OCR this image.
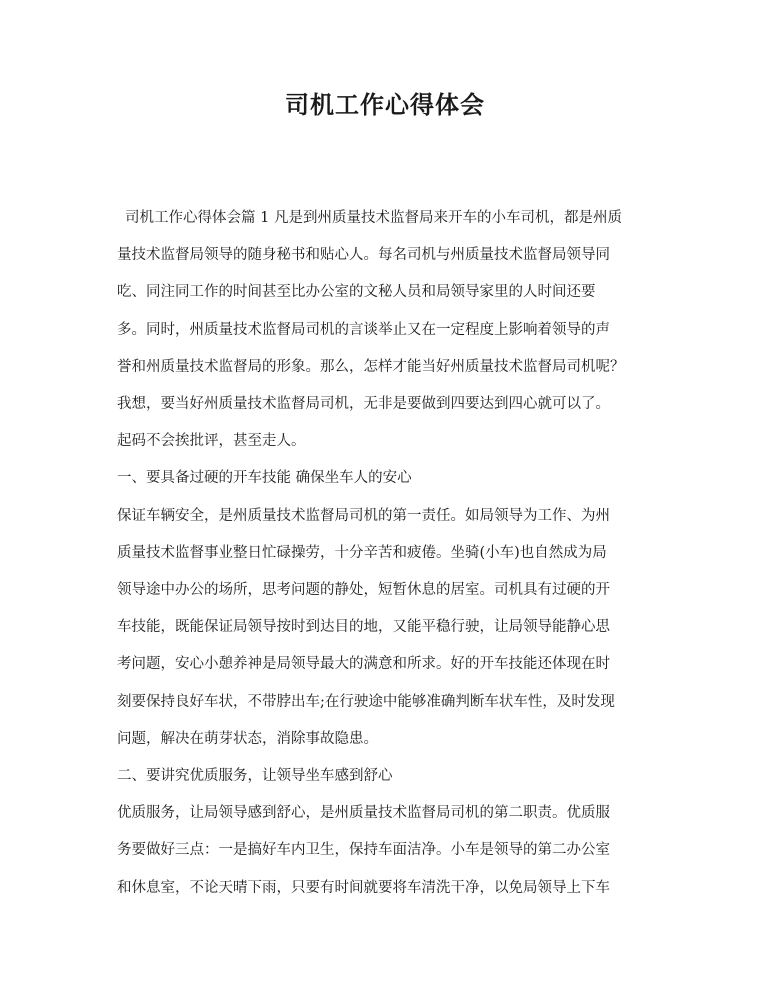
司机工作心得体会
司机工作心得体会篇 1 凡是到州质量技术监督局来开车的小车司机，都是州质
量技术监督局领导的随身秘书和贴心人。每名司机与州质量技术监督局领导同
吃、同注同工作的时间甚至比办公室的文秘人员和局领导家里的人时间还要
多。同时，州质量技术监督局司机的言谈举止又在一定程度上影响着领导的声
誉和州质量技术监督局的形象。那么，怎样才能当好州质量技术监督局司机呢？
我想，要当好州质量技术监督局司机，无非是要做到四要达到四心就可以了。
起码不会挨批评，甚至走人。
一、要具备过硬的开车技能 确保坐车人的安心
保证车辆安全，是州质量技术监督局司机的第一责任。如局领导为工作、为州
质量技术监督事业整日忙碌操劳，十分辛苦和疲倦。坐骑(小车)也自然成为局
领导途中办公的场所，思考问题的静处，短暂休息的居室。司机具有过硬的开
车技能，既能保证局领导按时到达目的地，又能平稳行驶，让局领导能静心思
考问题，安心小憩养神是局领导最大的满意和所求。好的开车技能还体现在时
刻要保持良好车状，不带脖出车;在行驶途中能够准确判断车状车性，及时发现
问题，解决在萌芽状态，消除事故隐患。
二、要讲究优质服务，让领导坐车感到舒心
优质服务，让局领导感到舒心，是州质量技术监督局司机的第二职责。优质服
务要做好三点：一是搞好车内卫生，保持车面洁净。小车是领导的第二办公室
和休息室，不论天晴下雨，只要有时间就要将车清洗干净，以免局领导上下车
